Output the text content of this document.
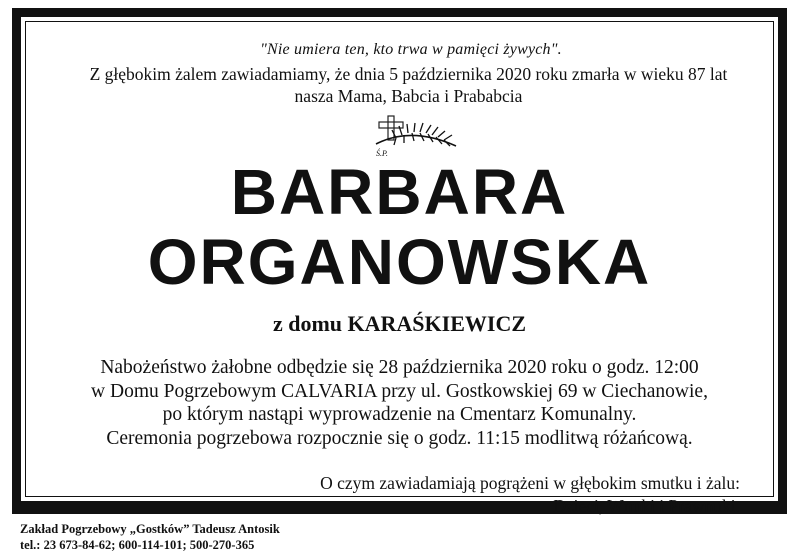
"Nie umiera ten, kto trwa w pamięci żywych".
Z głębokim żalem zawiadamiamy, że dnia 5 października 2020 roku zmarła w wieku 87 lat
nasza Mama, Babcia i Prababcia
Ś.P.
BARBARA
ORGANOWSKA
z domu KARAŚKIEWICZ
Nabożeństwo żałobne odbędzie się 28 października 2020 roku o godz. 12:00
w Domu Pogrzebowym CALVARIA przy ul. Gostkowskiej 69 w Ciechanowie,
po którym nastąpi wyprowadzenie na Cmentarz Komunalny.
Ceremonia pogrzebowa rozpocznie się o godz. 11:15 modlitwą różańcową.
O czym zawiadamiają pogrążeni w głębokim smutku i żalu:
Dzieci, Wnuki i Prawnuki.
Zakład Pogrzebowy „Gostków” Tadeusz Antosik
tel.: 23 673-84-62; 600-114-101; 500-270-365
